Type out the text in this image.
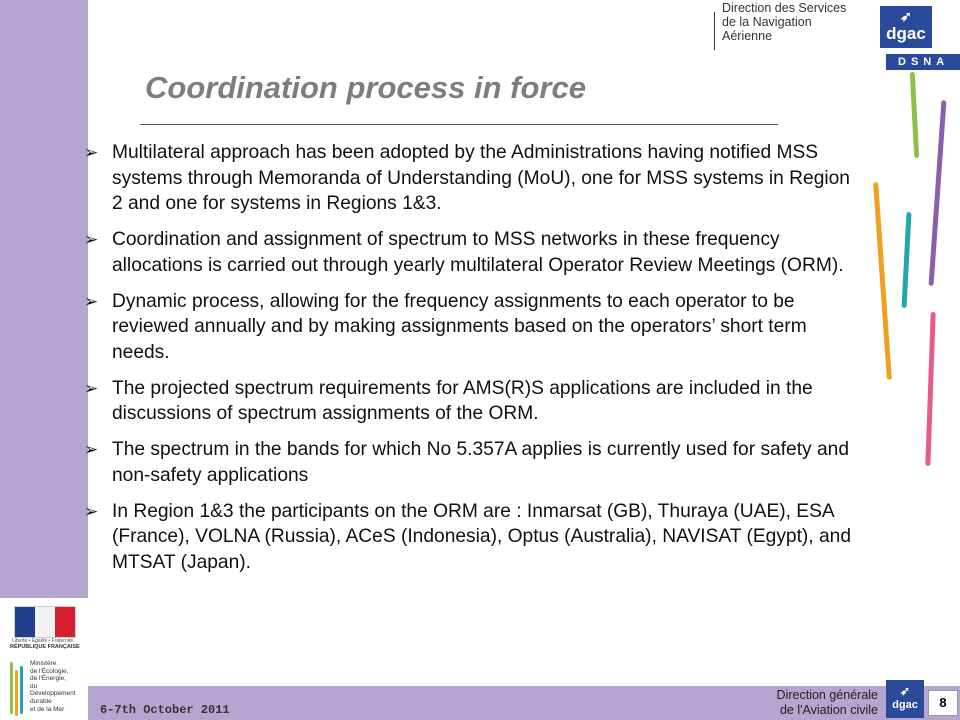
Direction des Services
de la Navigation
Aérienne
➶
dgac
DSNA
Coordination process in force
➢ Multilateral approach has been adopted by the Administrations having notified MSS systems through Memoranda of Understanding (MoU), one for MSS systems in Region 2 and one for systems in Regions 1&3.
➢ Coordination and assignment of spectrum to MSS networks in these frequency allocations is carried out through yearly multilateral Operator Review Meetings (ORM).
➢ Dynamic process, allowing for the frequency assignments to each operator to be reviewed annually and by making assignments based on the operators’ short term needs.
➢ The projected spectrum requirements for AMS(R)S applications are included in the discussions of spectrum assignments of the ORM.
➢ The spectrum in the bands for which No 5.357A applies is currently used for safety and non-safety applications
➢ In Region 1&3 the participants on the ORM are : Inmarsat (GB), Thuraya (UAE), ESA (France), VOLNA (Russia), ACeS (Indonesia), Optus (Australia), NAVISAT (Egypt), and MTSAT (Japan).
Liberté • Égalité • Fraternité
RÉPUBLIQUE FRANÇAISE
Ministère
de l'Écologie,
de l'Énergie,
du Développement
durable
et de la Mer	6-7th October 2011
Direction générale
de l'Aviation civile
➶
dgac	8
